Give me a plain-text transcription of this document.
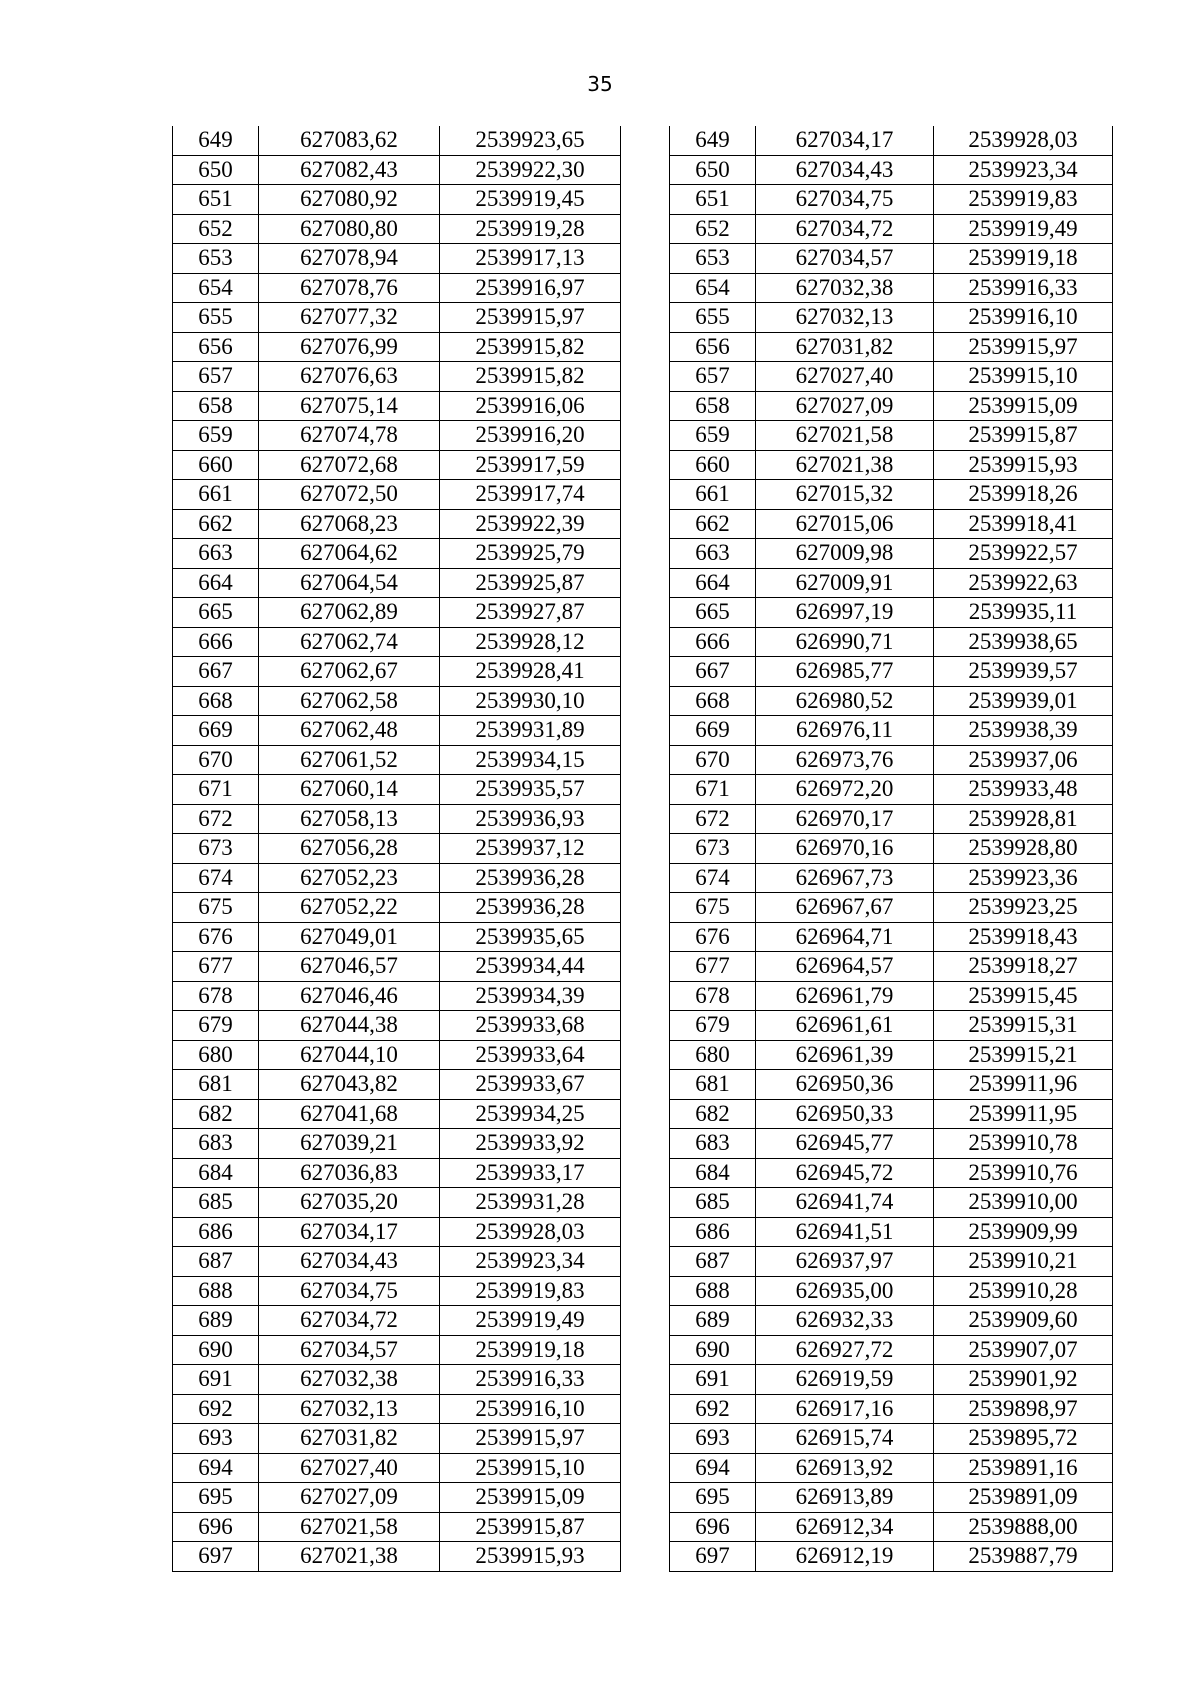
35
649	627083,62	2539923,65		649	627034,17	2539928,03
650	627082,43	2539922,30		650	627034,43	2539923,34
651	627080,92	2539919,45		651	627034,75	2539919,83
652	627080,80	2539919,28		652	627034,72	2539919,49
653	627078,94	2539917,13		653	627034,57	2539919,18
654	627078,76	2539916,97		654	627032,38	2539916,33
655	627077,32	2539915,97		655	627032,13	2539916,10
656	627076,99	2539915,82		656	627031,82	2539915,97
657	627076,63	2539915,82		657	627027,40	2539915,10
658	627075,14	2539916,06		658	627027,09	2539915,09
659	627074,78	2539916,20		659	627021,58	2539915,87
660	627072,68	2539917,59		660	627021,38	2539915,93
661	627072,50	2539917,74		661	627015,32	2539918,26
662	627068,23	2539922,39		662	627015,06	2539918,41
663	627064,62	2539925,79		663	627009,98	2539922,57
664	627064,54	2539925,87		664	627009,91	2539922,63
665	627062,89	2539927,87		665	626997,19	2539935,11
666	627062,74	2539928,12		666	626990,71	2539938,65
667	627062,67	2539928,41		667	626985,77	2539939,57
668	627062,58	2539930,10		668	626980,52	2539939,01
669	627062,48	2539931,89		669	626976,11	2539938,39
670	627061,52	2539934,15		670	626973,76	2539937,06
671	627060,14	2539935,57		671	626972,20	2539933,48
672	627058,13	2539936,93		672	626970,17	2539928,81
673	627056,28	2539937,12		673	626970,16	2539928,80
674	627052,23	2539936,28		674	626967,73	2539923,36
675	627052,22	2539936,28		675	626967,67	2539923,25
676	627049,01	2539935,65		676	626964,71	2539918,43
677	627046,57	2539934,44		677	626964,57	2539918,27
678	627046,46	2539934,39		678	626961,79	2539915,45
679	627044,38	2539933,68		679	626961,61	2539915,31
680	627044,10	2539933,64		680	626961,39	2539915,21
681	627043,82	2539933,67		681	626950,36	2539911,96
682	627041,68	2539934,25		682	626950,33	2539911,95
683	627039,21	2539933,92		683	626945,77	2539910,78
684	627036,83	2539933,17		684	626945,72	2539910,76
685	627035,20	2539931,28		685	626941,74	2539910,00
686	627034,17	2539928,03		686	626941,51	2539909,99
687	627034,43	2539923,34		687	626937,97	2539910,21
688	627034,75	2539919,83		688	626935,00	2539910,28
689	627034,72	2539919,49		689	626932,33	2539909,60
690	627034,57	2539919,18		690	626927,72	2539907,07
691	627032,38	2539916,33		691	626919,59	2539901,92
692	627032,13	2539916,10		692	626917,16	2539898,97
693	627031,82	2539915,97		693	626915,74	2539895,72
694	627027,40	2539915,10		694	626913,92	2539891,16
695	627027,09	2539915,09		695	626913,89	2539891,09
696	627021,58	2539915,87		696	626912,34	2539888,00
697	627021,38	2539915,93		697	626912,19	2539887,79
